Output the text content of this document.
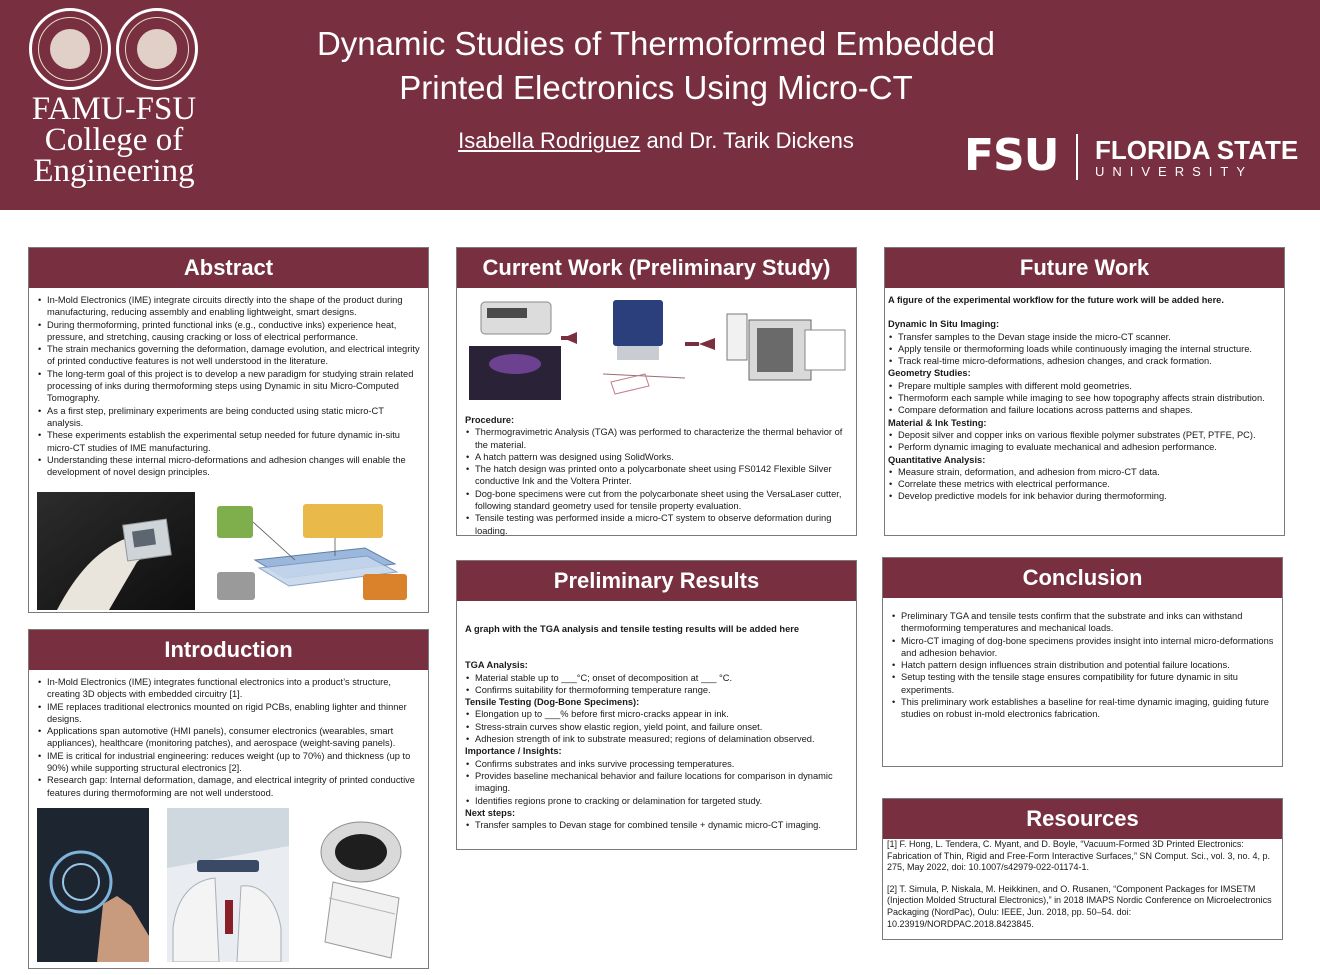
FAMU-FSU
College of
Engineering
Dynamic Studies of Thermoformed Embedded
Printed Electronics Using Micro-CT
Isabella Rodriguez and Dr. Tarik Dickens	FSU FLORIDA STATE
UNIVERSITY
Abstract
• In-Mold Electronics (IME) integrate circuits directly into the shape of the product during manufacturing, reducing assembly and enabling lightweight, smart designs.
• During thermoforming, printed functional inks (e.g., conductive inks) experience heat, pressure, and stretching, causing cracking or loss of electrical performance.
• The strain mechanics governing the deformation, damage evolution, and electrical integrity of printed conductive features is not well understood in the literature.
• The long-term goal of this project is to develop a new paradigm for studying strain related processing of inks during thermoforming steps using Dynamic in situ Micro-Computed Tomography.
• As a first step, preliminary experiments are being conducted using static micro-CT analysis.
• These experiments establish the experimental setup needed for future dynamic in-situ micro-CT studies of IME manufacturing.
• Understanding these internal micro-deformations and adhesion changes will enable the development of novel design principles.
Introduction
• In-Mold Electronics (IME) integrates functional electronics into a product’s structure, creating 3D objects with embedded circuitry [1].
• IME replaces traditional electronics mounted on rigid PCBs, enabling lighter and thinner designs.
• Applications span automotive (HMI panels), consumer electronics (wearables, smart appliances), healthcare (monitoring patches), and aerospace (weight-saving panels).
• IME is critical for industrial engineering: reduces weight (up to 70%) and thickness (up to 90%) while supporting structural electronics [2].
• Research gap: Internal deformation, damage, and electrical integrity of printed conductive features during thermoforming are not well understood.
Current Work (Preliminary Study)
Procedure:
• Thermogravimetric Analysis (TGA) was performed to characterize the thermal behavior of the material.
• A hatch pattern was designed using SolidWorks.
• The hatch design was printed onto a polycarbonate sheet using FS0142 Flexible Silver conductive Ink and the Voltera Printer.
• Dog-bone specimens were cut from the polycarbonate sheet using the VersaLaser cutter, following standard geometry used for tensile property evaluation.
• Tensile testing was performed inside a micro-CT system to observe deformation during loading.
Preliminary Results
A graph with the TGA analysis and tensile testing results will be added here
TGA Analysis:
• Material stable up to ___°C; onset of decomposition at ___ °C.
• Confirms suitability for thermoforming temperature range.
Tensile Testing (Dog-Bone Specimens):
• Elongation up to ___% before first micro-cracks appear in ink.
• Stress-strain curves show elastic region, yield point, and failure onset.
• Adhesion strength of ink to substrate measured; regions of delamination observed.
Importance / Insights:
• Confirms substrates and inks survive processing temperatures.
• Provides baseline mechanical behavior and failure locations for comparison in dynamic imaging.
• Identifies regions prone to cracking or delamination for targeted study.
Next steps:
• Transfer samples to Devan stage for combined tensile + dynamic micro-CT imaging.
Future Work
A figure of the experimental workflow for the future work will be added here.
Dynamic In Situ Imaging:
• Transfer samples to the Devan stage inside the micro-CT scanner.
• Apply tensile or thermoforming loads while continuously imaging the internal structure.
• Track real-time micro-deformations, adhesion changes, and crack formation.
Geometry Studies:
• Prepare multiple samples with different mold geometries.
• Thermoform each sample while imaging to see how topography affects strain distribution.
• Compare deformation and failure locations across patterns and shapes.
Material & Ink Testing:
• Deposit silver and copper inks on various flexible polymer substrates (PET, PTFE, PC).
• Perform dynamic imaging to evaluate mechanical and adhesion performance.
Quantitative Analysis:
• Measure strain, deformation, and adhesion from micro-CT data.
• Correlate these metrics with electrical performance.
• Develop predictive models for ink behavior during thermoforming.
Conclusion
• Preliminary TGA and tensile tests confirm that the substrate and inks can withstand thermoforming temperatures and mechanical loads.
• Micro-CT imaging of dog-bone specimens provides insight into internal micro-deformations and adhesion behavior.
• Hatch pattern design influences strain distribution and potential failure locations.
• Setup testing with the tensile stage ensures compatibility for future dynamic in situ experiments.
• This preliminary work establishes a baseline for real-time dynamic imaging, guiding future studies on robust in-mold electronics fabrication.
Resources
[1] F. Hong, L. Tendera, C. Myant, and D. Boyle, “Vacuum-Formed 3D Printed Electronics: Fabrication of Thin, Rigid and Free-Form Interactive Surfaces,” SN Comput. Sci., vol. 3, no. 4, p. 275, May 2022, doi: 10.1007/s42979-022-01174-1.
[2] T. Simula, P. Niskala, M. Heikkinen, and O. Rusanen, “Component Packages for IMSETM (Injection Molded Structural Electronics),” in 2018 IMAPS Nordic Conference on Microelectronics Packaging (NordPac), Oulu: IEEE, Jun. 2018, pp. 50–54. doi: 10.23919/NORDPAC.2018.8423845.
